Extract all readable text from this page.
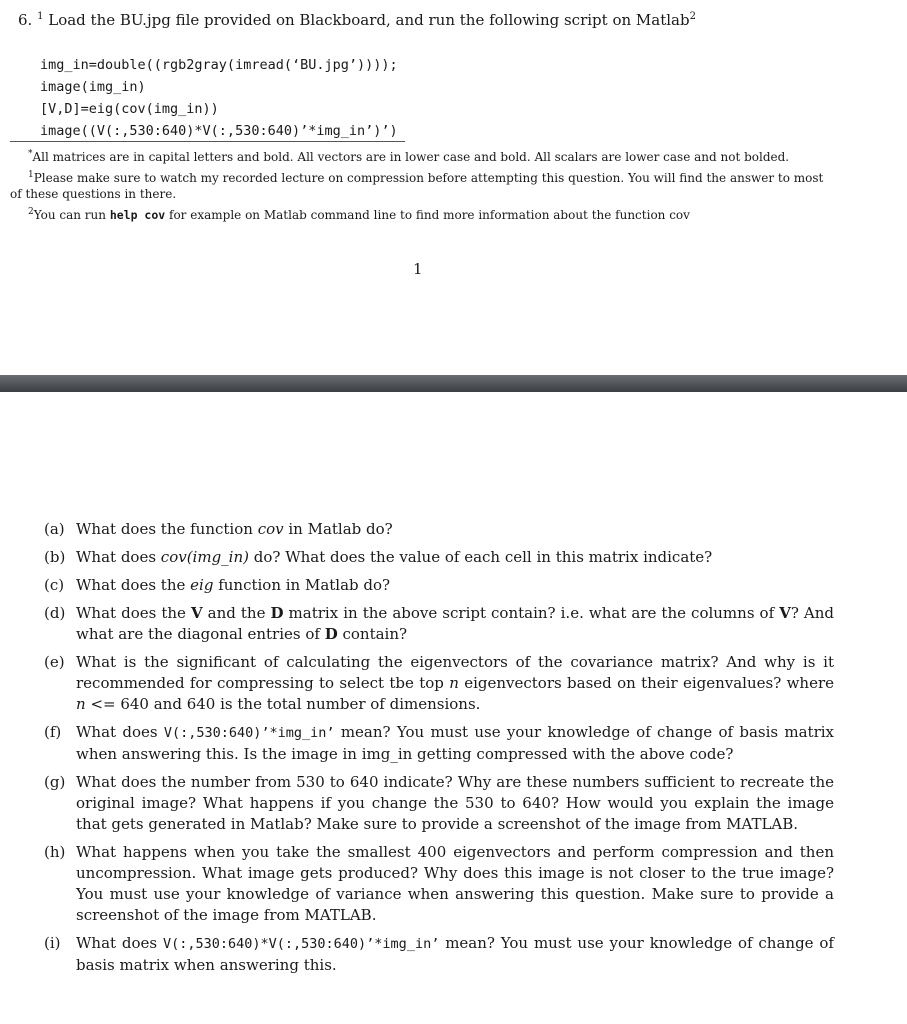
6. $^1$ Load the BU.jpg file provided on Blackboard, and run the following script on Matlab$^2$
img_in=double((rgb2gray(imread(‘BU.jpg’))));
image(img_in)
[V,D]=eig(cov(img_in))
image((V(:,530:640)*V(:,530:640)’*img_in’)’)

*All matrices are in capital letters and bold. All vectors are in lower case and bold. All scalars are lower case and not bolded.

$^1$Please make sure to watch my recorded lecture on compression before attempting this question. You will find the answer to most of these questions in there.

$^2$You can run help cov for example on Matlab command line to find more information about the function cov

1
(a) What does the function cov in Matlab do?
(b) What does cov(img_in) do? What does the value of each cell in this matrix indicate?
(c) What does the eig function in Matlab do?
(d) What does the V and the D matrix in the above script contain? i.e. what are the columns of V? And what are the diagonal entries of D contain?
(e) What is the significant of calculating the eigenvectors of the covariance matrix? And why is it recommended for compressing to select tbe top n eigenvectors based on their eigenvalues? where n <= 640 and 640 is the total number of dimensions.
(f) What does V(:,530:640)’*img_in’ mean? You must use your knowledge of change of basis matrix when answering this. Is the image in img_in getting compressed with the above code?
(g) What does the number from 530 to 640 indicate? Why are these numbers sufficient to recreate the original image? What happens if you change the 530 to 640? How would you explain the image that gets generated in Matlab? Make sure to provide a screenshot of the image from MATLAB.
(h) What happens when you take the smallest 400 eigenvectors and perform compression and then uncompression. What image gets produced? Why does this image is not closer to the true image? You must use your knowledge of variance when answering this question. Make sure to provide a screenshot of the image from MATLAB.
(i)	What does V(:,530:640)*V(:,530:640)’*img_in’ mean? You must use your knowledge of change of basis matrix when answering this.
